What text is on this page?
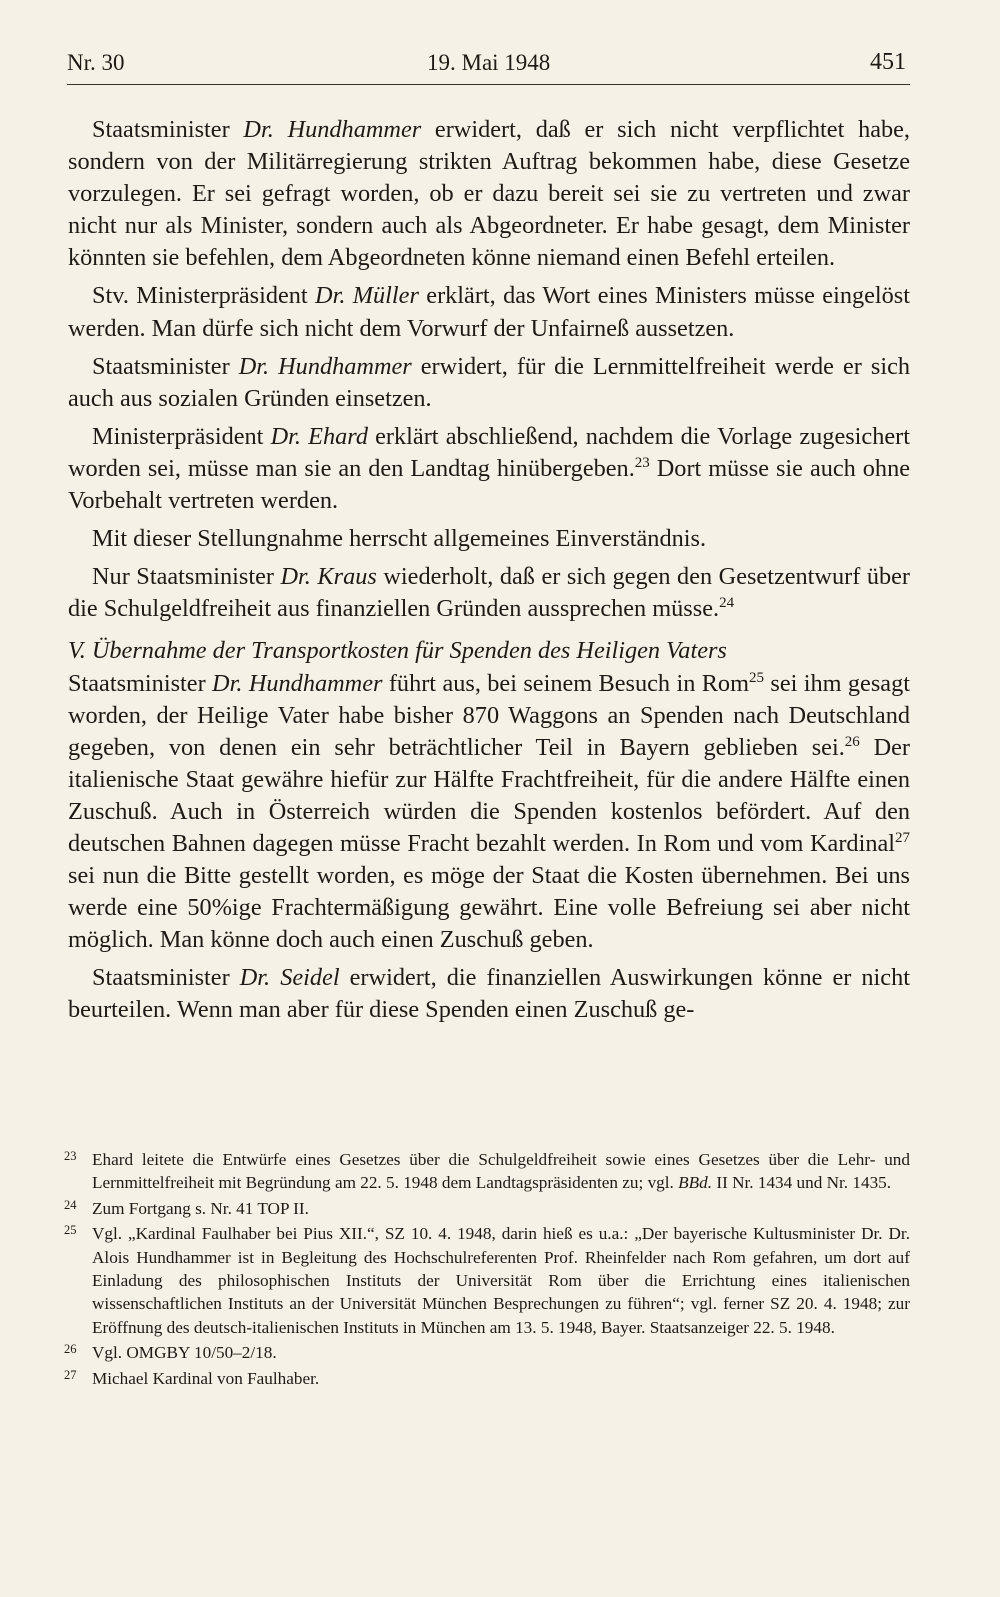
Nr. 30	19. Mai 1948	451

Staatsminister Dr. Hundhammer erwidert, daß er sich nicht verpflichtet habe, sondern von der Militärregierung strikten Auftrag bekommen habe, diese Gesetze vorzulegen. Er sei gefragt worden, ob er dazu bereit sei sie zu vertreten und zwar nicht nur als Minister, sondern auch als Abgeordneter. Er habe gesagt, dem Minister könnten sie befehlen, dem Abgeordneten könne niemand einen Befehl erteilen.

Stv. Ministerpräsident Dr. Müller erklärt, das Wort eines Ministers müsse eingelöst werden. Man dürfe sich nicht dem Vorwurf der Unfairneß aussetzen.

Staatsminister Dr. Hundhammer erwidert, für die Lernmittelfreiheit werde er sich auch aus sozialen Gründen einsetzen.

Ministerpräsident Dr. Ehard erklärt abschließend, nachdem die Vorlage zugesichert worden sei, müsse man sie an den Landtag hinübergeben.$^{23}$ Dort müsse sie auch ohne Vorbehalt vertreten werden.

Mit dieser Stellungnahme herrscht allgemeines Einverständnis.

Nur Staatsminister Dr. Kraus wiederholt, daß er sich gegen den Gesetzentwurf über die Schulgeldfreiheit aus finanziellen Gründen aussprechen müsse.$^{24}$

V. Übernahme der Transportkosten für Spenden des Heiligen Vaters

Staatsminister Dr. Hundhammer führt aus, bei seinem Besuch in Rom$^{25}$ sei ihm gesagt worden, der Heilige Vater habe bisher 870 Waggons an Spenden nach Deutschland gegeben, von denen ein sehr beträchtlicher Teil in Bayern geblieben sei.$^{26}$ Der italienische Staat gewähre hiefür zur Hälfte Frachtfreiheit, für die andere Hälfte einen Zuschuß. Auch in Österreich würden die Spenden kostenlos befördert. Auf den deutschen Bahnen dagegen müsse Fracht bezahlt werden. In Rom und vom Kardinal$^{27}$ sei nun die Bitte gestellt worden, es möge der Staat die Kosten übernehmen. Bei uns werde eine 50%ige Frachtermäßigung gewährt. Eine volle Befreiung sei aber nicht möglich. Man könne doch auch einen Zuschuß geben.

Staatsminister Dr. Seidel erwidert, die finanziellen Auswirkungen könne er nicht beurteilen. Wenn man aber für diese Spenden einen Zuschuß ge-

23 Ehard leitete die Entwürfe eines Gesetzes über die Schulgeldfreiheit sowie eines Gesetzes über die Lehr- und Lernmittelfreiheit mit Begründung am 22. 5. 1948 dem Landtagspräsidenten zu; vgl. BBd. II Nr. 1434 und Nr. 1435.
24 Zum Fortgang s. Nr. 41 TOP II.
25 Vgl. „Kardinal Faulhaber bei Pius XII.“, SZ 10. 4. 1948, darin hieß es u.a.: „Der bayerische Kultusminister Dr. Dr. Alois Hundhammer ist in Begleitung des Hochschulreferenten Prof. Rheinfelder nach Rom gefahren, um dort auf Einladung des philosophischen Instituts der Universität Rom über die Errichtung eines italienischen wissenschaftlichen Instituts an der Universität München Besprechungen zu führen“; vgl. ferner SZ 20. 4. 1948; zur Eröffnung des deutsch-italienischen Instituts in München am 13. 5. 1948, Bayer. Staatsanzeiger 22. 5. 1948.
26 Vgl. OMGBY 10/50–2/18.
27 Michael Kardinal von Faulhaber.
